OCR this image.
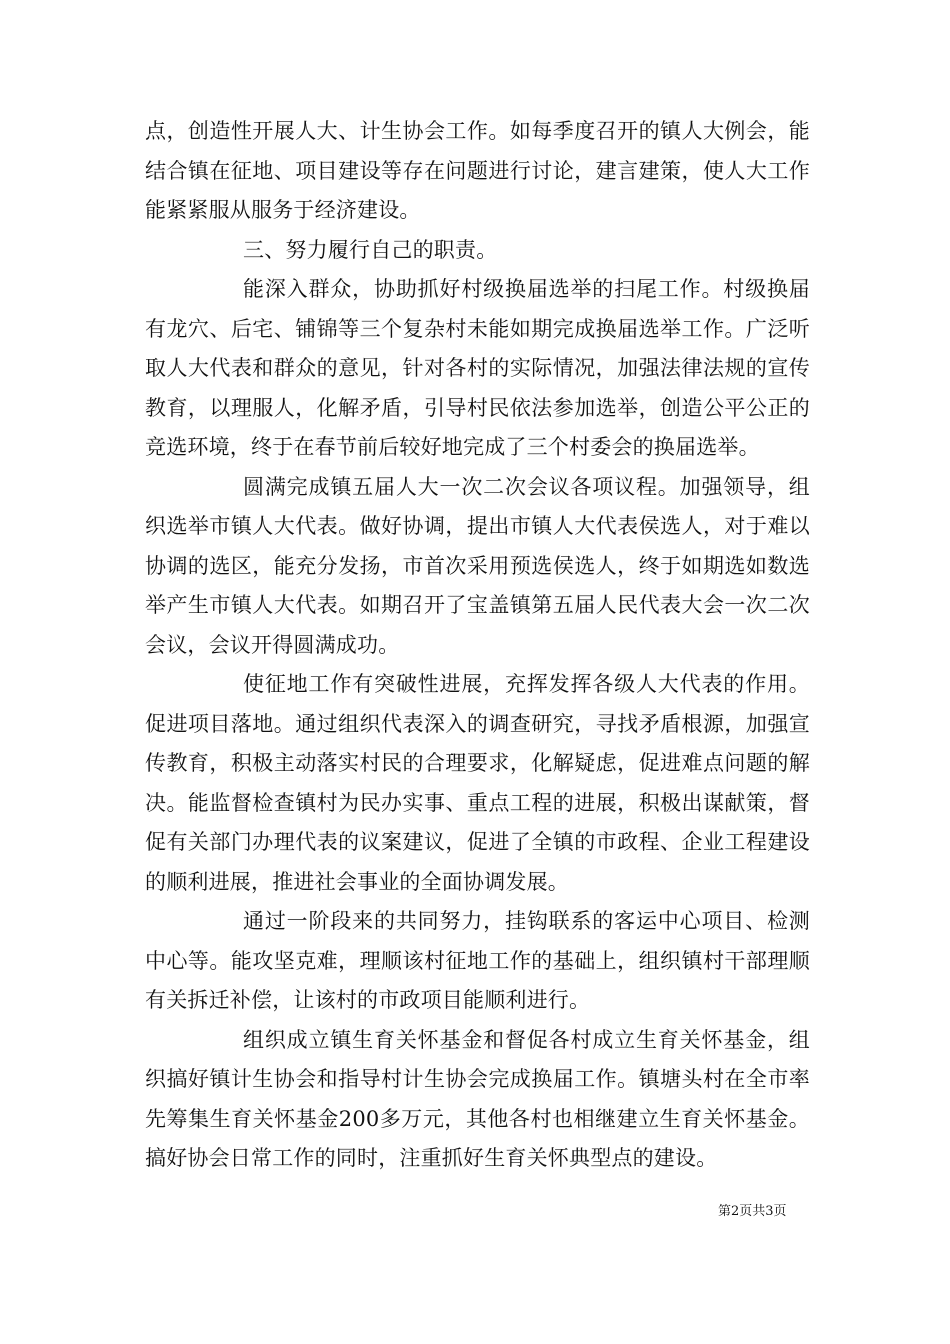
点，创造性开展人大、计生协会工作。如每季度召开的镇人大例会，能结合镇在征地、项目建设等存在问题进行讨论，建言建策，使人大工作能紧紧服从服务于经济建设。

三、努力履行自己的职责。

能深入群众，协助抓好村级换届选举的扫尾工作。村级换届有龙穴、后宅、铺锦等三个复杂村未能如期完成换届选举工作。广泛听取人大代表和群众的意见，针对各村的实际情况，加强法律法规的宣传教育，以理服人，化解矛盾，引导村民依法参加选举，创造公平公正的竞选环境，终于在春节前后较好地完成了三个村委会的换届选举。

圆满完成镇五届人大一次二次会议各项议程。加强领导，组织选举市镇人大代表。做好协调，提出市镇人大代表侯选人，对于难以协调的选区，能充分发扬，市首次采用预选侯选人，终于如期选如数选举产生市镇人大代表。如期召开了宝盖镇第五届人民代表大会一次二次会议，会议开得圆满成功。

使征地工作有突破性进展，充挥发挥各级人大代表的作用。促进项目落地。通过组织代表深入的调查研究，寻找矛盾根源，加强宣传教育，积极主动落实村民的合理要求，化解疑虑，促进难点问题的解决。能监督检查镇村为民办实事、重点工程的进展，积极出谋献策，督促有关部门办理代表的议案建议，促进了全镇的市政程、企业工程建设的顺利进展，推进社会事业的全面协调发展。

通过一阶段来的共同努力，挂钩联系的客运中心项目、检测中心等。能攻坚克难，理顺该村征地工作的基础上，组织镇村干部理顺有关拆迁补偿，让该村的市政项目能顺利进行。

组织成立镇生育关怀基金和督促各村成立生育关怀基金，组织搞好镇计生协会和指导村计生协会完成换届工作。镇塘头村在全市率先筹集生育关怀基金200多万元，其他各村也相继建立生育关怀基金。搞好协会日常工作的同时，注重抓好生育关怀典型点的建设。

第2页共3页
